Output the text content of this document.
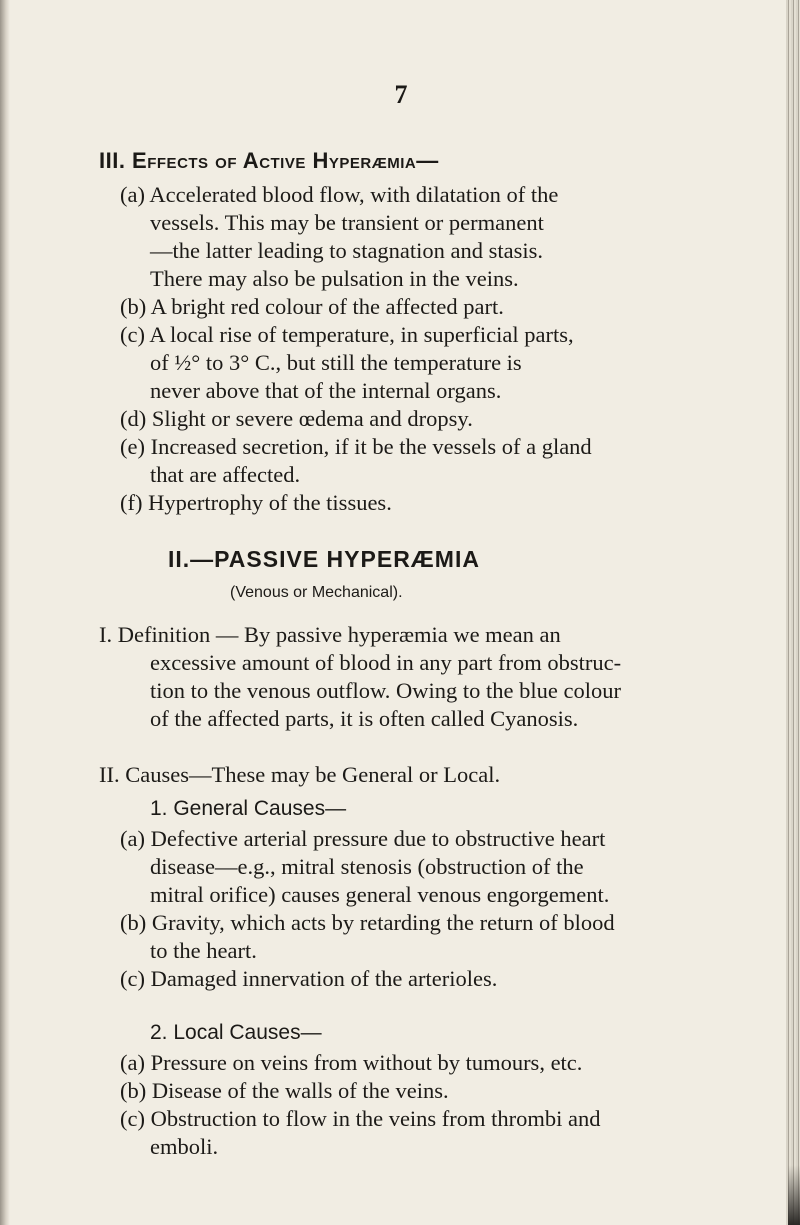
7
III. Effects of Active Hyperæmia—
(a) Accelerated blood flow, with dilatation of the
vessels. This may be transient or permanent
—the latter leading to stagnation and stasis.
There may also be pulsation in the veins.
(b) A bright red colour of the affected part.
(c) A local rise of temperature, in superficial parts,
of ½° to 3° C., but still the temperature is
never above that of the internal organs.
(d) Slight or severe œdema and dropsy.
(e) Increased secretion, if it be the vessels of a gland
that are affected.
(f) Hypertrophy of the tissues.
II.—PASSIVE HYPERÆMIA
(Venous or Mechanical).
I. Definition — By passive hyperæmia we mean an
excessive amount of blood in any part from obstruc-
tion to the venous outflow. Owing to the blue colour
of the affected parts, it is often called Cyanosis.
II. Causes—These may be General or Local.
1. General Causes—
(a) Defective arterial pressure due to obstructive heart
disease—e.g., mitral stenosis (obstruction of the
mitral orifice) causes general venous engorgement.
(b) Gravity, which acts by retarding the return of blood
to the heart.
(c) Damaged innervation of the arterioles.
2. Local Causes—
(a) Pressure on veins from without by tumours, etc.
(b) Disease of the walls of the veins.
(c) Obstruction to flow in the veins from thrombi and
emboli.
